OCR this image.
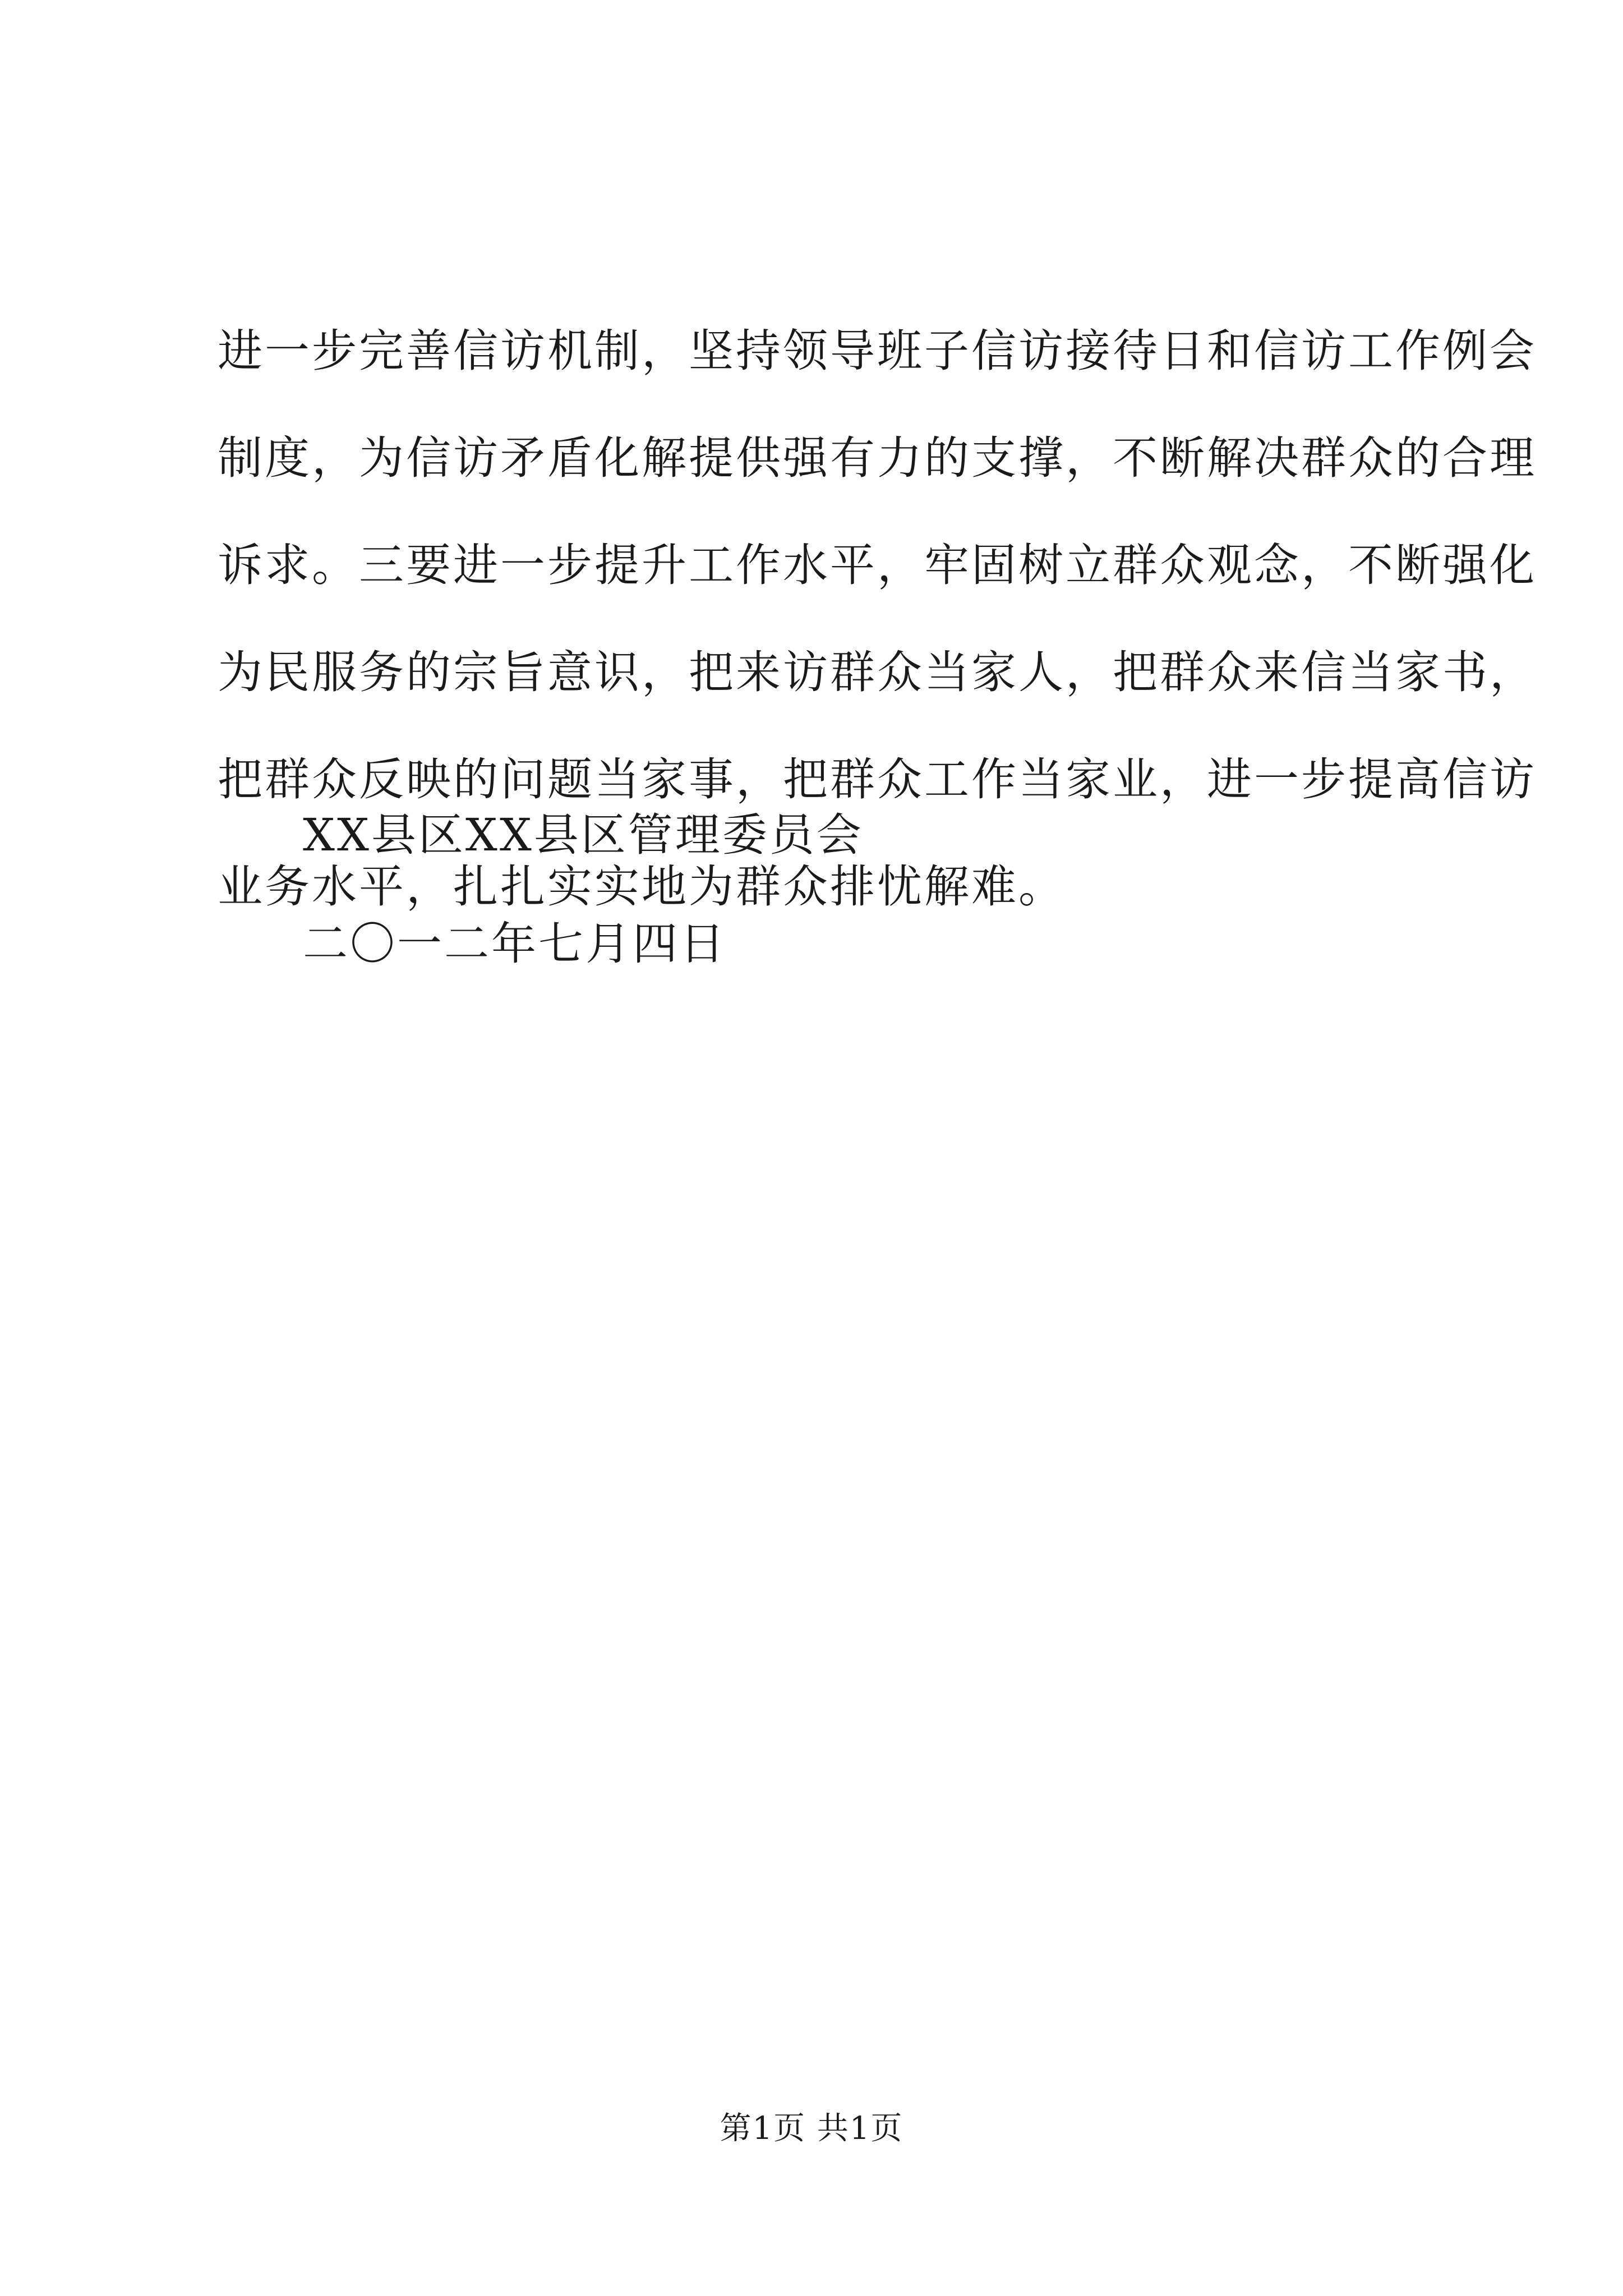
进一步完善信访机制，坚持领导班子信访接待日和信访工作例会
制度，为信访矛盾化解提供强有力的支撑，不断解决群众的合理
诉求。三要进一步提升工作水平，牢固树立群众观念，不断强化
为民服务的宗旨意识，把来访群众当家人，把群众来信当家书，
把群众反映的问题当家事，把群众工作当家业，进一步提高信访
业务水平，扎扎实实地为群众排忧解难。
XX县区XX县区管理委员会
二〇一二年七月四日
第1页 共1页
